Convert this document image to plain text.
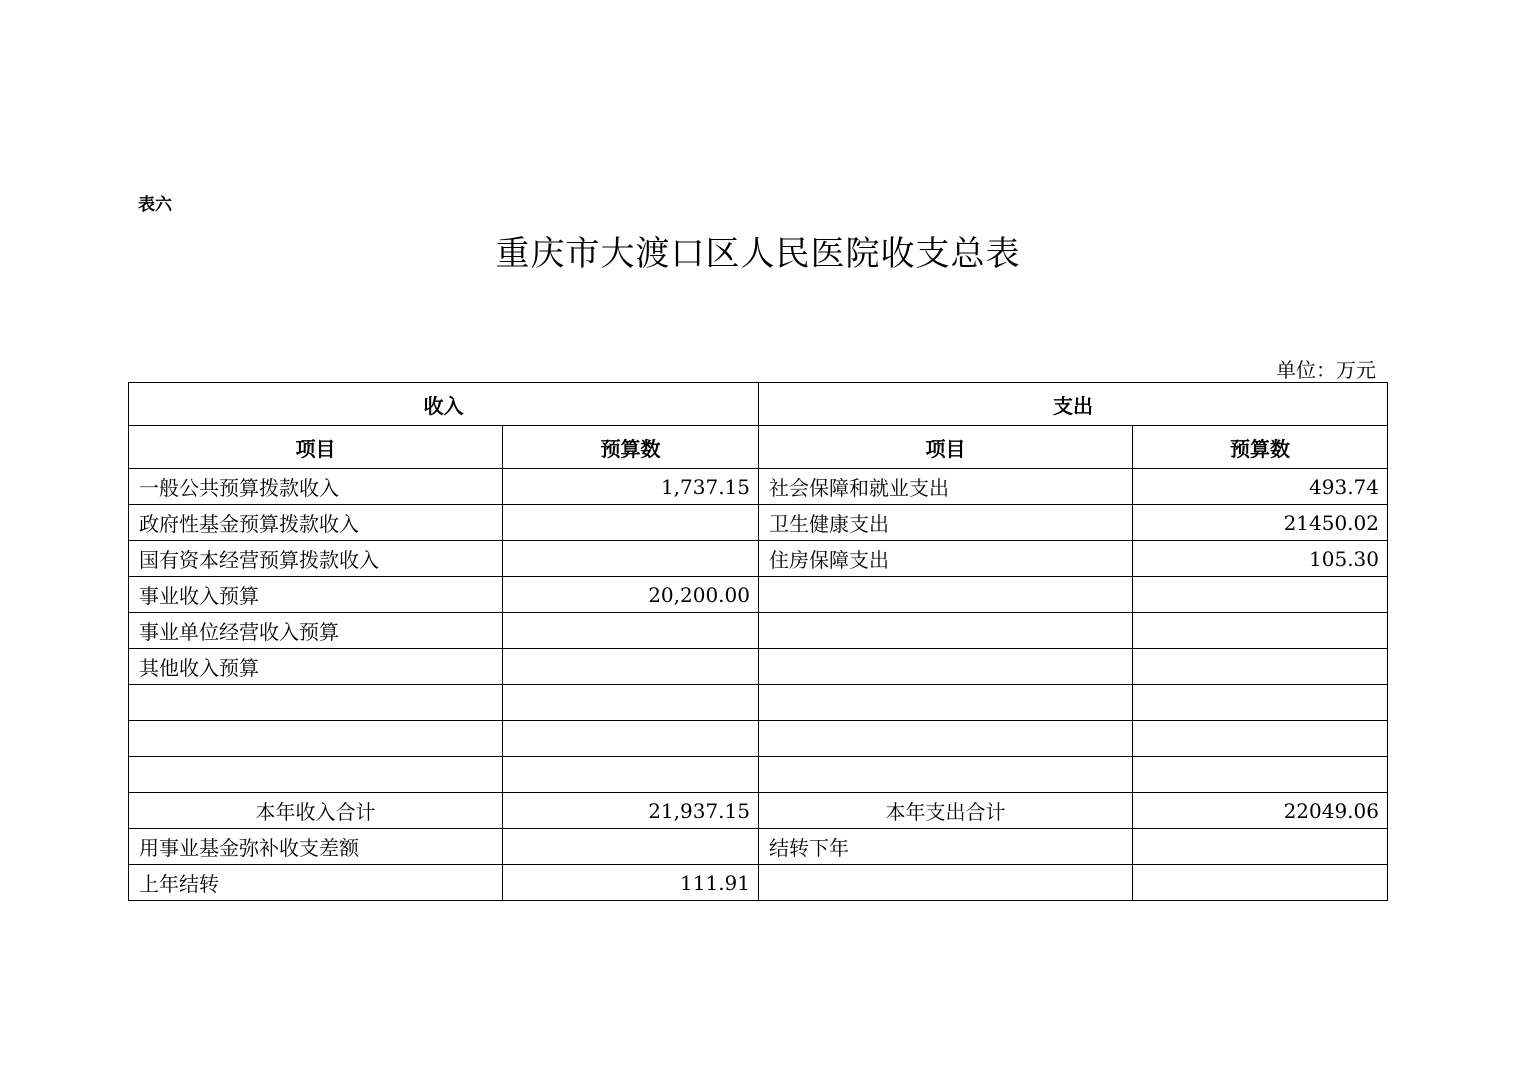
表六
重庆市大渡口区人民医院收支总表
单位：万元
收入		支出	
项目	预算数	项目	预算数
一般公共预算拨款收入	1,737.15	社会保障和就业支出	493.74
政府性基金预算拨款收入		卫生健康支出	21450.02
国有资本经营预算拨款收入		住房保障支出	105.30
事业收入预算	20,200.00		
事业单位经营收入预算			
其他收入预算			

本年收入合计	21,937.15	本年支出合计	22049.06
用事业基金弥补收支差额		结转下年	
上年结转	111.91		
